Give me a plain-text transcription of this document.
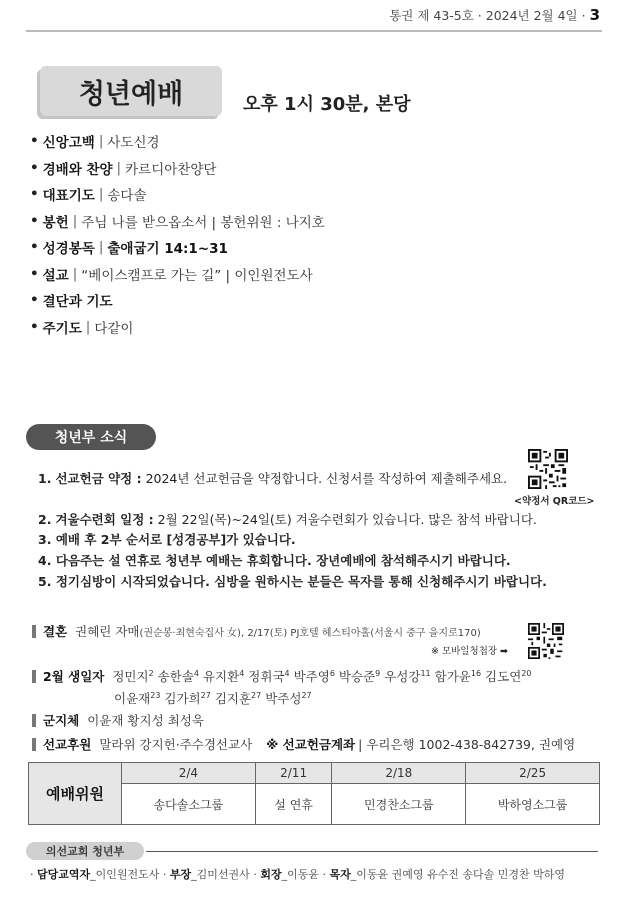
통권 제 43-5호 · 2024년 2월 4일 · 3
청년예배	오후 1시 30분, 본당
• 신앙고백 | 사도신경
• 경배와 찬양 | 카르디아찬양단
• 대표기도 | 송다솔
• 봉헌 | 주님 나를 받으옵소서 | 봉헌위원 : 나지호
• 성경봉독 | 출애굽기 14:1~31
• 설교 | “베이스캠프로 가는 길” | 이인원전도사
• 결단과 기도
• 주기도 | 다같이
청년부 소식
1. 선교헌금 약정 : 2024년 선교헌금을 약정합니다. 신청서를 작성하여 제출해주세요.
<약정서 QR코드>
2. 겨울수련회 일정 : 2월 22일(목)~24일(토) 겨울수련회가 있습니다. 많은 참석 바랍니다.
3. 예배 후 2부 순서로 [성경공부]가 있습니다.
4. 다음주는 설 연휴로 청년부 예배는 휴회합니다. 장년예배에 참석해주시기 바랍니다.
5. 정기심방이 시작되었습니다. 심방을 원하시는 분들은 목자를 통해 신청해주시기 바랍니다.
결혼 권혜린 자매 (권순봉·최현숙집사 女), 2/17(토) PJ호텔 헤스티아홀(서울시 중구 을지로170)
※ 모바일청첩장 ➡
2월 생일자 정민지$^2$ 송한솔$^4$ 유지환$^4$ 정휘국$^4$ 박주영$^6$ 박승준$^9$ 우성강$^{11}$ 함가윤$^{16}$ 김도연$^{20}$
이윤재$^{23}$ 김가희$^{27}$ 김지훈$^{27}$ 박주성$^{27}$
군지체 이윤재 황지성 최성욱
선교후원 말라위 강지헌·주수경선교사 ※ 선교헌금계좌 | 우리은행 1002-438-842739, 권예영
예배위원	2/4	2/11	2/18	2/25
	송다솔소그룹	설 연휴	민경찬소그룹	박하영소그룹
의선교회 청년부
· 담당교역자_이인원전도사 · 부장_김미선권사 · 회장_이동윤 · 목자_이동윤 권예영 유수진 송다솔 민경찬 박하영
